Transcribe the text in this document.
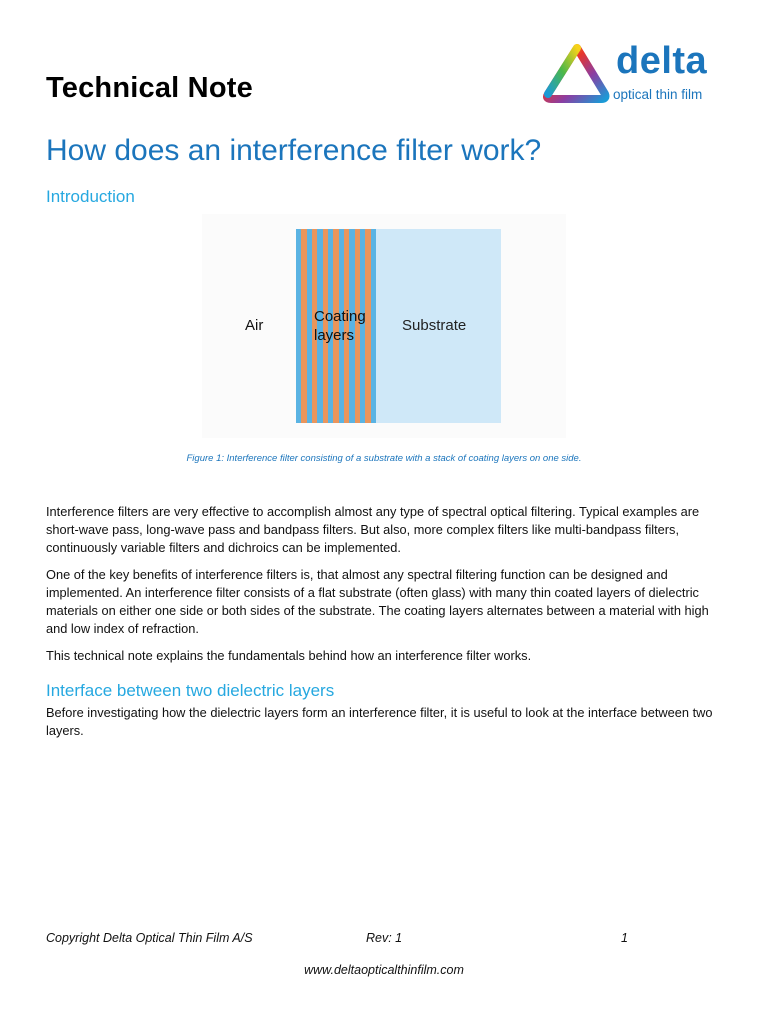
Technical Note
delta
optical thin film
How does an interference filter work?
Introduction
Air
Coating
layers
Substrate
Figure 1: Interference filter consisting of a substrate with a stack of coating layers on one side.

Interference filters are very effective to accomplish almost any type of spectral optical filtering. Typical examples are short-wave pass, long-wave pass and bandpass filters. But also, more complex filters like multi-bandpass filters, continuously variable filters and dichroics can be implemented.

One of the key benefits of interference filters is, that almost any spectral filtering function can be designed and implemented. An interference filter consists of a flat substrate (often glass) with many thin coated layers of dielectric materials on either one side or both sides of the substrate. The coating layers alternates between a material with high and low index of refraction.

This technical note explains the fundamentals behind how an interference filter works.

Interface between two dielectric layers

Before investigating how the dielectric layers form an interference filter, it is useful to look at the interface between two layers.

Copyright Delta Optical Thin Film A/S	Rev: 1	1
www.deltaopticalthinfilm.com
